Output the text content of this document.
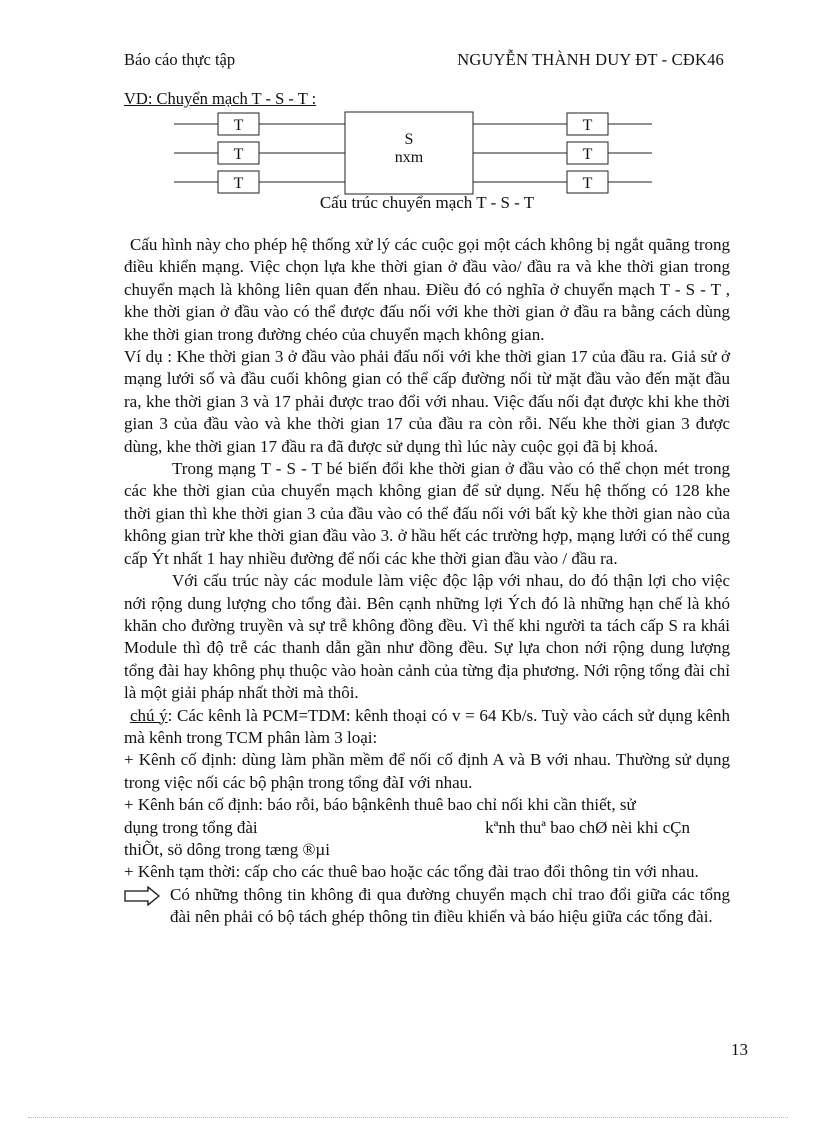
Báo cáo thực tập	NGUYỄN THÀNH DUY ĐT - CĐK46
VD: Chuyển mạch T - S - T :
T
T
T
T
T
T
S
nxm
Cấu trúc chuyển mạch T - S - T

Cấu hình này cho phép hệ thống xử lý các cuộc gọi một cách không bị ngắt quãng trong điều khiển mạng. Việc chọn lựa khe thời gian ở đầu vào/ đầu ra và khe thời gian trong chuyển mạch là không liên quan đến nhau. Điều đó có nghĩa ở chuyển mạch T - S - T , khe thời gian ở đầu vào có thể được đấu nối với khe thời gian ở đầu ra bằng cách dùng khe thời gian trong đường chéo của chuyển mạch không gian.

Ví dụ : Khe thời gian 3 ở đầu vào phải đấu nối với khe thời gian 17 của đầu ra. Giả sử ở mạng lưới số và đầu cuối không gian có thể cấp đường nối từ mặt đầu vào đến mặt đầu ra, khe thời gian 3 và 17 phải được trao đổi với nhau. Việc đấu nối đạt được khi khe thời gian 3 của đầu vào và khe thời gian 17 của đầu ra còn rỗi. Nếu khe thời gian 3 được dùng, khe thời gian 17 đầu ra đã được sử dụng thì lúc này cuộc gọi đã bị khoá.

Trong mạng T - S - T bé biến đổi khe thời gian ở đầu vào có thể chọn mét trong các khe thời gian của chuyển mạch không gian để sử dụng. Nếu hệ thống có 128 khe thời gian thì khe thời gian 3 của đầu vào có thể đấu nối với bất kỳ khe thời gian nào của không gian trừ khe thời gian đầu vào 3. ở hầu hết các trường hợp, mạng lưới có thể cung cấp Ýt nhất 1 hay nhiều đường để nối các khe thời gian đầu vào / đầu ra.

Với cấu trúc này các module làm việc độc lập với nhau, do đó thận lợi cho việc nới rộng dung lượng cho tổng đài. Bên cạnh những lợi Ých đó là những hạn chế là khó khăn cho đường truyền và sự trễ không đồng đều. Vì thế khi người ta tách cấp S ra khái Module thì độ trễ các thanh dẫn gần như đồng đều. Sự lựa chon nới rộng dung lượng tổng đài hay không phụ thuộc vào hoàn cảnh của từng địa phương. Nới rộng tổng đài chỉ là một giải pháp nhất thời mà thôi.

chú ý: Các kênh là PCM=TDM: kênh thoại có v = 64 Kb/s. Tuỳ vào cách sử dụng kênh mà kênh trong TCM phân làm 3 loại:

+ Kênh cố định: dùng làm phần mềm để nối cố định A và B với nhau. Thường sử dụng trong việc nối các bộ phận trong tổng đàI với nhau.

+ Kênh bán cố định: báo rỗi, báo bậnkênh thuê bao chỉ nối khi cần thiết, sử

dụng trong tổng đài	kªnh thuª bao chØ nèi khi cÇn

thiÕt, sö dông trong tæng ®µi

+ Kênh tạm thời: cấp cho các thuê bao hoặc các tổng đài trao đổi thông tin với nhau.

Có những thông tin không đi qua đường chuyển mạch chỉ trao đổi giữa các tổng đài nên phải có bộ tách ghép thông tin điều khiển và báo hiệu giữa các tổng đài.

13
